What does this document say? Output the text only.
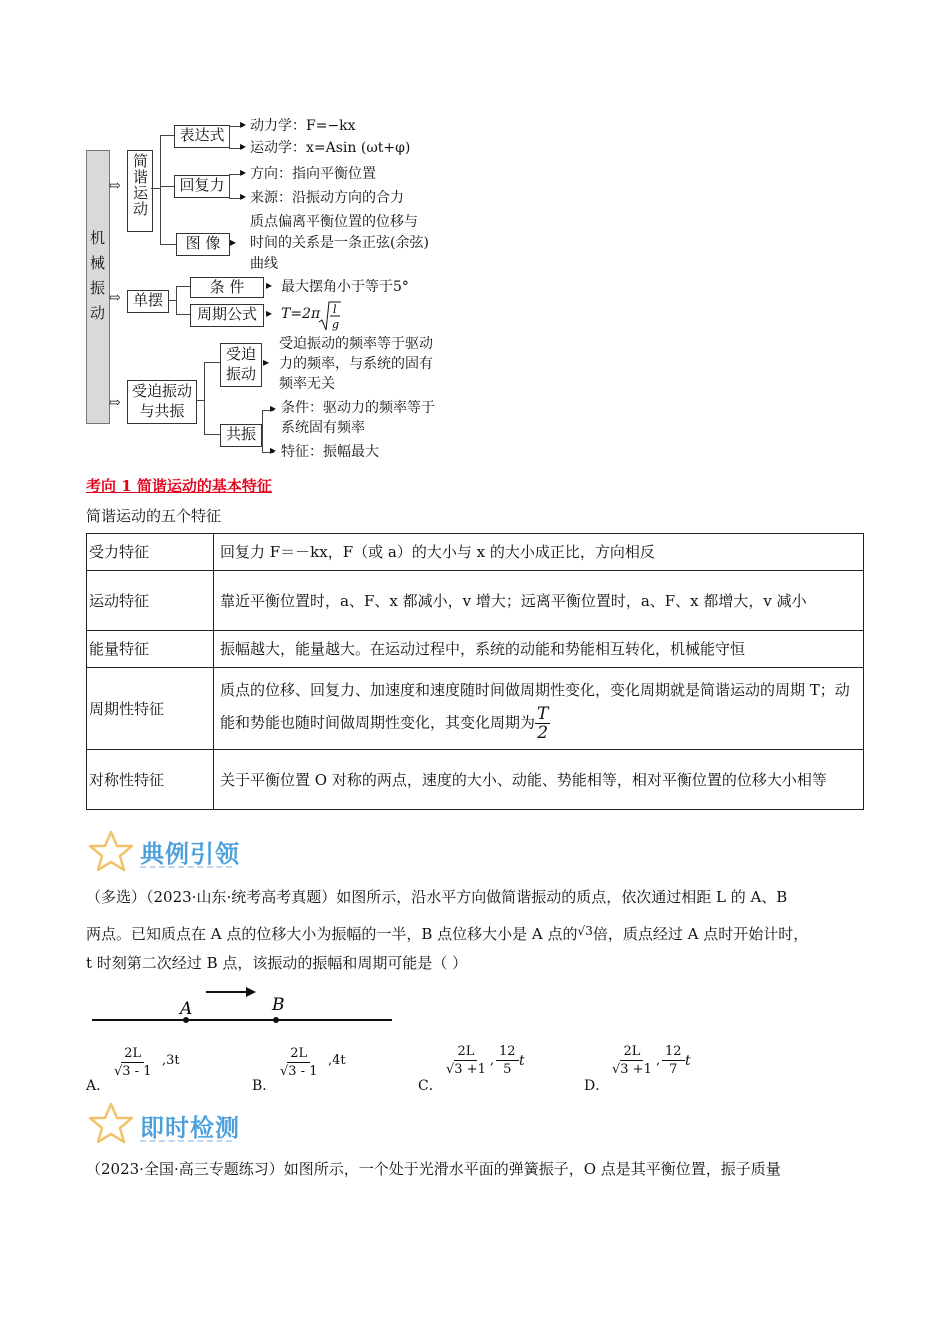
机械振动
⇨
⇨
⇨
简谐运动
表达式
▸
▸
动力学：F=−kx
运动学：x=Asin (ωt+φ)
回复力
▸
▸
方向：指向平衡位置
来源：沿振动方向的合力
图 像 ▸
质点偏离平衡位置的位移与
时间的关系是一条正弦(余弦)
曲线
单摆
条 件
周期公式
▸
▸
最大摆角小于等于5°
T=2π l
g
受迫振动与共振
受迫振动
共振
▸
受迫振动的频率等于驱动
力的频率，与系统的固有
频率无关
▸
▸
条件：驱动力的频率等于
系统固有频率
特征：振幅最大
考向 1 简谐运动的基本特征
简谐运动的五个特征
受力特征	回复力 F＝－kx，F（或 a）的大小与 x 的大小成正比，方向相反
运动特征	靠近平衡位置时，a、F、x 都减小，v 增大；远离平衡位置时，a、F、x 都增大，v 减小
能量特征	振幅越大，能量越大。在运动过程中，系统的动能和势能相互转化，机械能守恒
周期性特征	质点的位移、回复力、加速度和速度随时间做周期性变化，变化周期就是简谐运动的周期 T；动能和势能也随时间做周期性变化，其变化周期为 $\frac{T}{2}$

对称性特征	关于平衡位置 O 对称的两点，速度的大小、动能、势能相等，相对平衡位置的位移大小相等
典例引领
（多选）（2023·山东·统考高考真题）如图所示，沿水平方向做简谐振动的质点，依次通过相距 L 的 A、B
两点。已知质点在 A 点的位移大小为振幅的一半，B 点位移大小是 A 点的$^{√3}$倍，质点经过 A 点时开始计时，
t 时刻第二次经过 B 点，该振动的振幅和周期可能是（ ）
A	B
A．
$\frac{2L}{√3 - 1} ,3t$
B．
$\frac{2L}{√3 - 1} ,4t$
C．
$\frac{2L}{√3 +1}$ , $\frac{12}{5}$ t
D．
$\frac{2L}{√3 +1}$ , $\frac{12}{7}$ t
即时检测
（2023·全国·高三专题练习）如图所示，一个处于光滑水平面的弹簧振子，O 点是其平衡位置，振子质量
